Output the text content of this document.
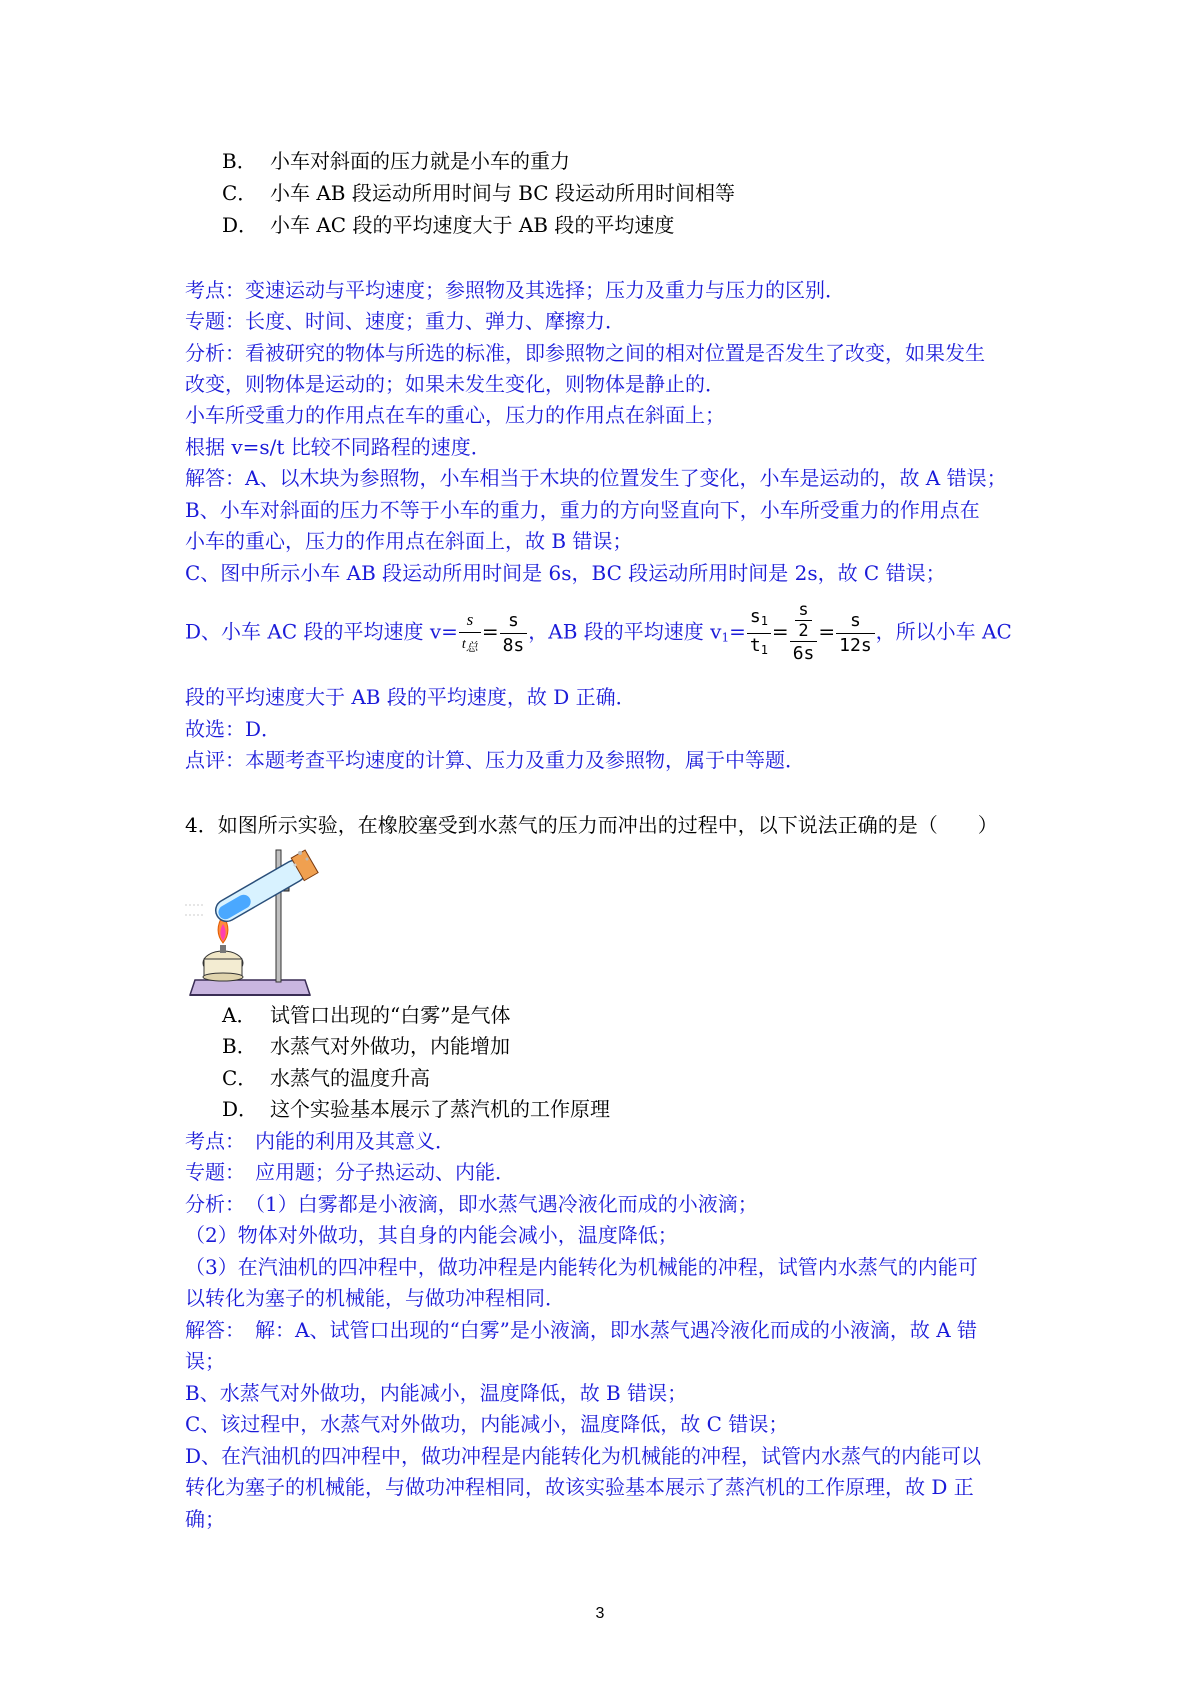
B． 小车对斜面的压力就是小车的重力
C． 小车 AB 段运动所用时间与 BC 段运动所用时间相等
D． 小车 AC 段的平均速度大于 AB 段的平均速度
考点：变速运动与平均速度；参照物及其选择；压力及重力与压力的区别．
专题：长度、时间、速度；重力、弹力、摩擦力．
分析：看被研究的物体与所选的标准，即参照物之间的相对位置是否发生了改变，如果发生
改变，则物体是运动的；如果未发生变化，则物体是静止的．
小车所受重力的作用点在车的重心，压力的作用点在斜面上；
根据 v=s/t 比较不同路程的速度．
解答：A、以木块为参照物，小车相当于木块的位置发生了变化，小车是运动的，故 A 错误；
B、小车对斜面的压力不等于小车的重力，重力的方向竖直向下，小车所受重力的作用点在
小车的重心，压力的作用点在斜面上，故 B 错误；
C、图中所示小车 AB 段运动所用时间是 6s，BC 段运动所用时间是 2s，故 C 错误；
D、小车 AC 段的平均速度 $v= \frac{s}{\text{t总}} = \frac{s}{8s}$ ，AB 段的平均速度 $v_1= \frac{s_1}{t_1} = \frac{\frac{s}{2}}{6s} = \frac{s}{12s}$ ，所以小车 AC
段的平均速度大于 AB 段的平均速度，故 D 正确．
故选：D．
点评：本题考查平均速度的计算、压力及重力及参照物，属于中等题．
4．如图所示实验，在橡胶塞受到水蒸气的压力而冲出的过程中，以下说法正确的是（　　）
A． 试管口出现的“白雾”是气体
B． 水蒸气对外做功，内能增加
C． 水蒸气的温度升高
D． 这个实验基本展示了蒸汽机的工作原理
考点：　内能的利用及其意义．
专题：　应用题；分子热运动、内能．
分析：　（1）白雾都是小液滴，即水蒸气遇冷液化而成的小液滴；
（2）物体对外做功，其自身的内能会减小，温度降低；
（3）在汽油机的四冲程中，做功冲程是内能转化为机械能的冲程，试管内水蒸气的内能可
以转化为塞子的机械能，与做功冲程相同．
解答：　解：A、试管口出现的“白雾”是小液滴，即水蒸气遇冷液化而成的小液滴，故 A 错
误；
B、水蒸气对外做功，内能减小，温度降低，故 B 错误；
C、该过程中，水蒸气对外做功，内能减小，温度降低，故 C 错误；
D、在汽油机的四冲程中，做功冲程是内能转化为机械能的冲程，试管内水蒸气的内能可以
转化为塞子的机械能，与做功冲程相同，故该实验基本展示了蒸汽机的工作原理，故 D 正
确；
3
